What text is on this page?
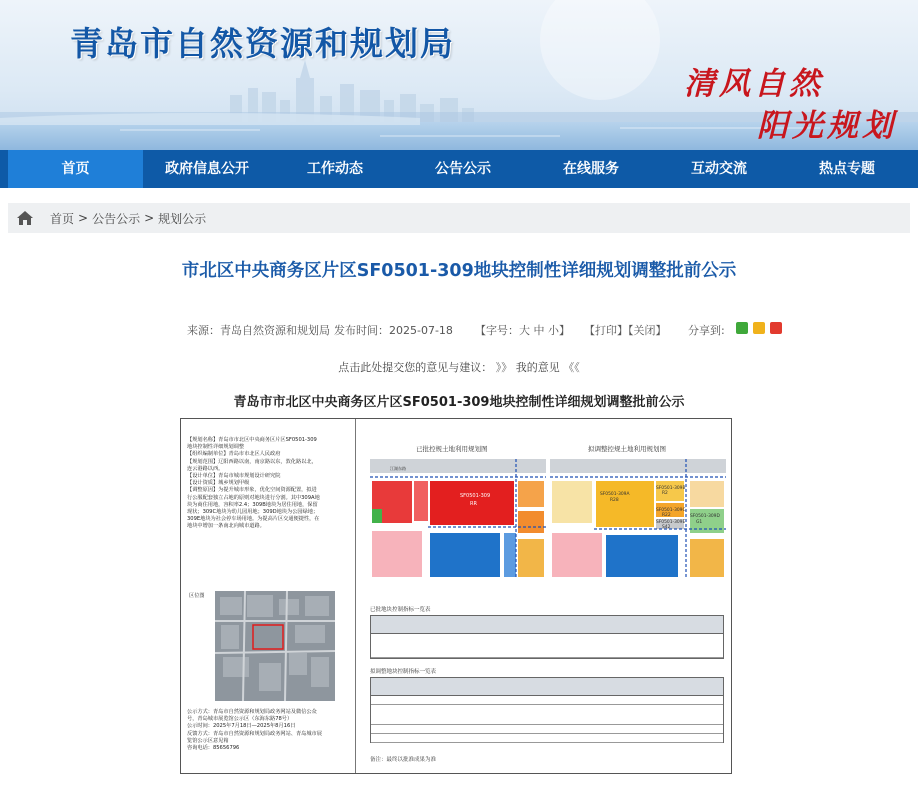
青岛市自然资源和规划局
清风自然
阳光规划
首页	政府信息公开	工作动态	公告公示	在线服务	互动交流	热点专题
首页 > 公告公示 > 规划公示
市北区中央商务区片区SF0501-309地块控制性详细规划调整批前公示
来源：青岛自然资源和规划局 发布时间：2025-07-18 【字号：大 中 小】 【打印】【关闭】 分享到:
点击此处提交您的意见与建议： 》》 我的意见 《《
青岛市市北区中央商务区片区SF0501-309地块控制性详细规划调整批前公示
【规划名称】青岛市市北区中央商务区片区SF0501-309
地块控制性详细规划调整
【组织编制单位】青岛市市北区人民政府
【规划范围】辽阳西路以南，南京路以东，敦化路以北，
连云港路以西。
【设计单位】青岛市城市规划设计研究院
【设计资质】城乡规划甲级
【调整原因】为提升城市形象，优化空间资源配置，拟进
行公服配套独立占地的原则对地块进行分割。其中309A地
块为商住用地，容积率2.4；309B地块为居住用地，保留
现状；309C地块为幼儿园用地；309D地块为公园绿地；
309E地块为社会停车场用地。为提高片区交通便捷性，在
地块中增加一条南北向城市道路。
区位图
公示方式：青岛市自然资源和规划局政务网站及微信公众
号，青岛城市展览馆公示区（东海东路78号）
公示时间：2025年7月18日—2025年8月16日
反馈方式：青岛市自然资源和规划局政务网站、青岛城市展
览馆公示区意见箱
咨询电话：85656796
已批控规土地利用规划图	拟调整控规土地利用规划图
SF0501-309
RR
江湖东路
SF0501-309A
R28
SF0501-309B
R2
SF0501-309C
R22
SF0501-309E
S42
SF0501-309D
G1
已批地块控制指标一览表
拟调整地块控制指标一览表
备注：最终以批准成果为准
